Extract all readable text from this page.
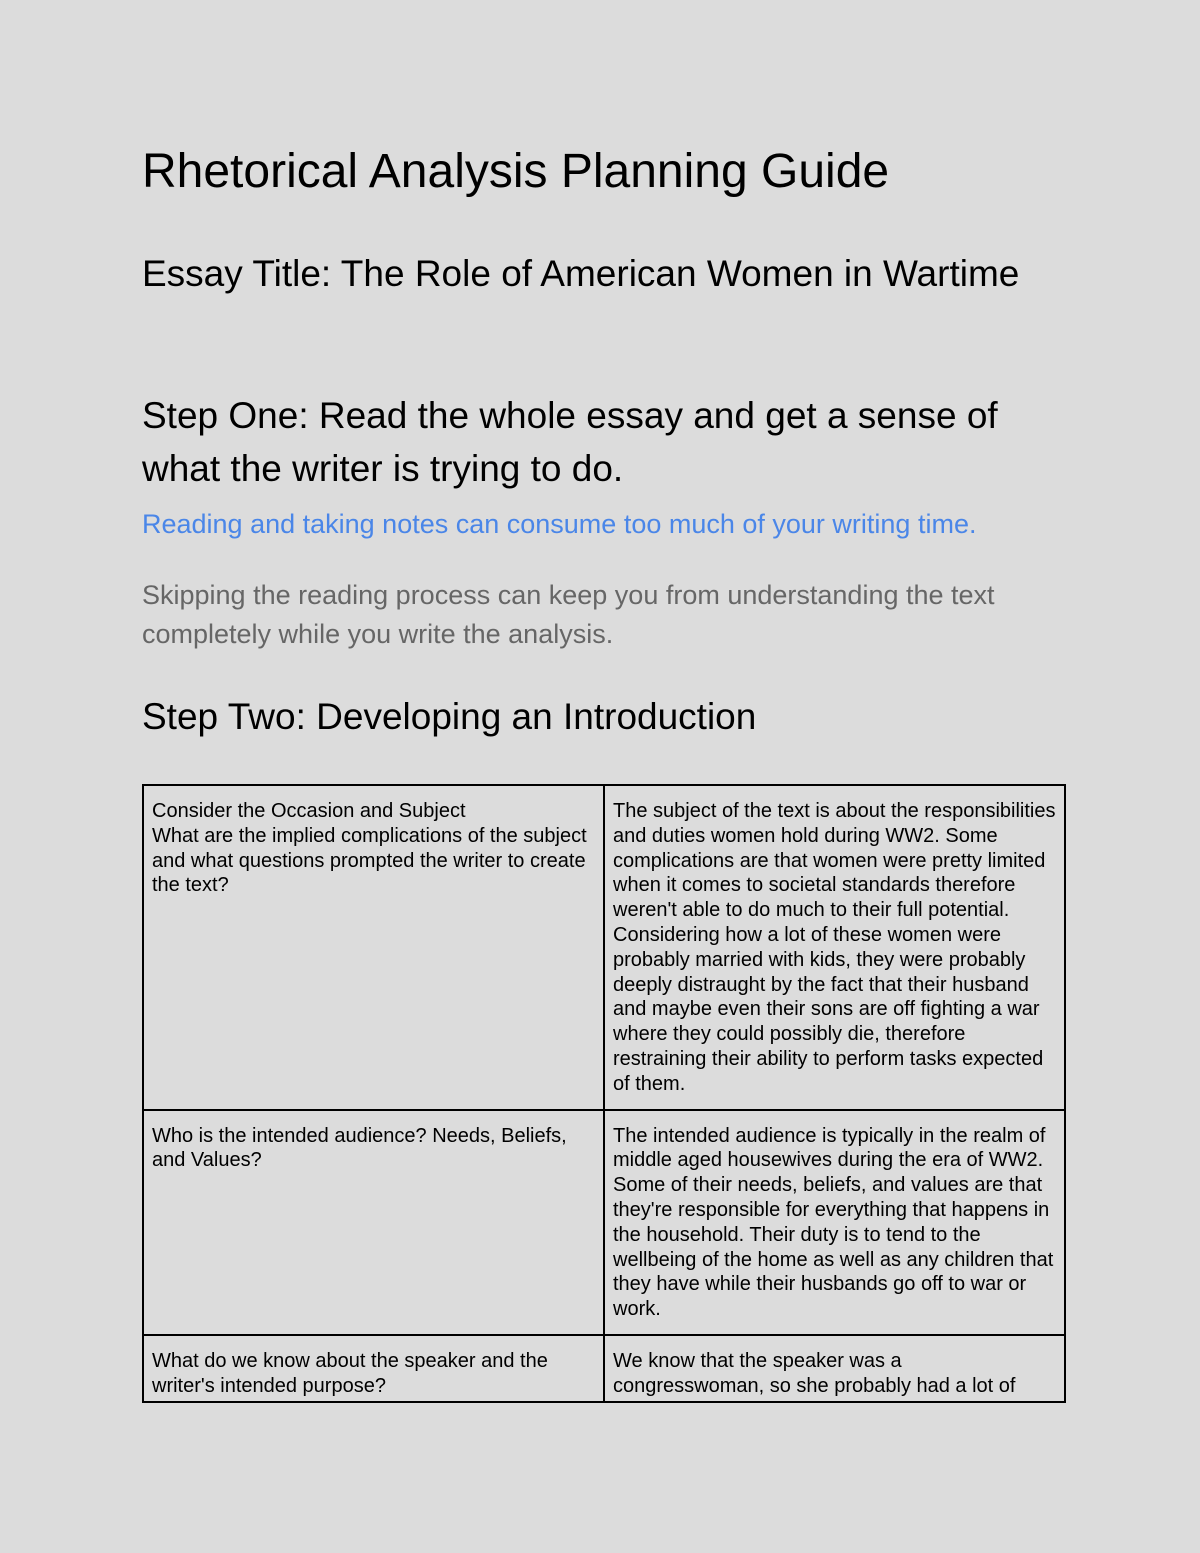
Rhetorical Analysis Planning Guide
Essay Title: The Role of American Women in Wartime
Step One: Read the whole essay and get a sense of what the writer is trying to do.

Reading and taking notes can consume too much of your writing time.

Skipping the reading process can keep you from understanding the text completely while you write the analysis.

Step Two: Developing an Introduction
Consider the Occasion and Subject
What are the implied complications of the subject and what questions prompted the writer to create the text?	The subject of the text is about the responsibilities and duties women hold during WW2. Some complications are that women were pretty limited when it comes to societal standards therefore weren't able to do much to their full potential. Considering how a lot of these women were probably married with kids, they were probably deeply distraught by the fact that their husband and maybe even their sons are off fighting a war where they could possibly die, therefore restraining their ability to perform tasks expected of them.
Who is the intended audience? Needs, Beliefs, and Values?	The intended audience is typically in the realm of middle aged housewives during the era of WW2. Some of their needs, beliefs, and values are that they're responsible for everything that happens in the household. Their duty is to tend to the wellbeing of the home as well as any children that they have while their husbands go off to war or work.
What do we know about the speaker and the writer's intended purpose?	We know that the speaker was a congresswoman, so she probably had a lot of
